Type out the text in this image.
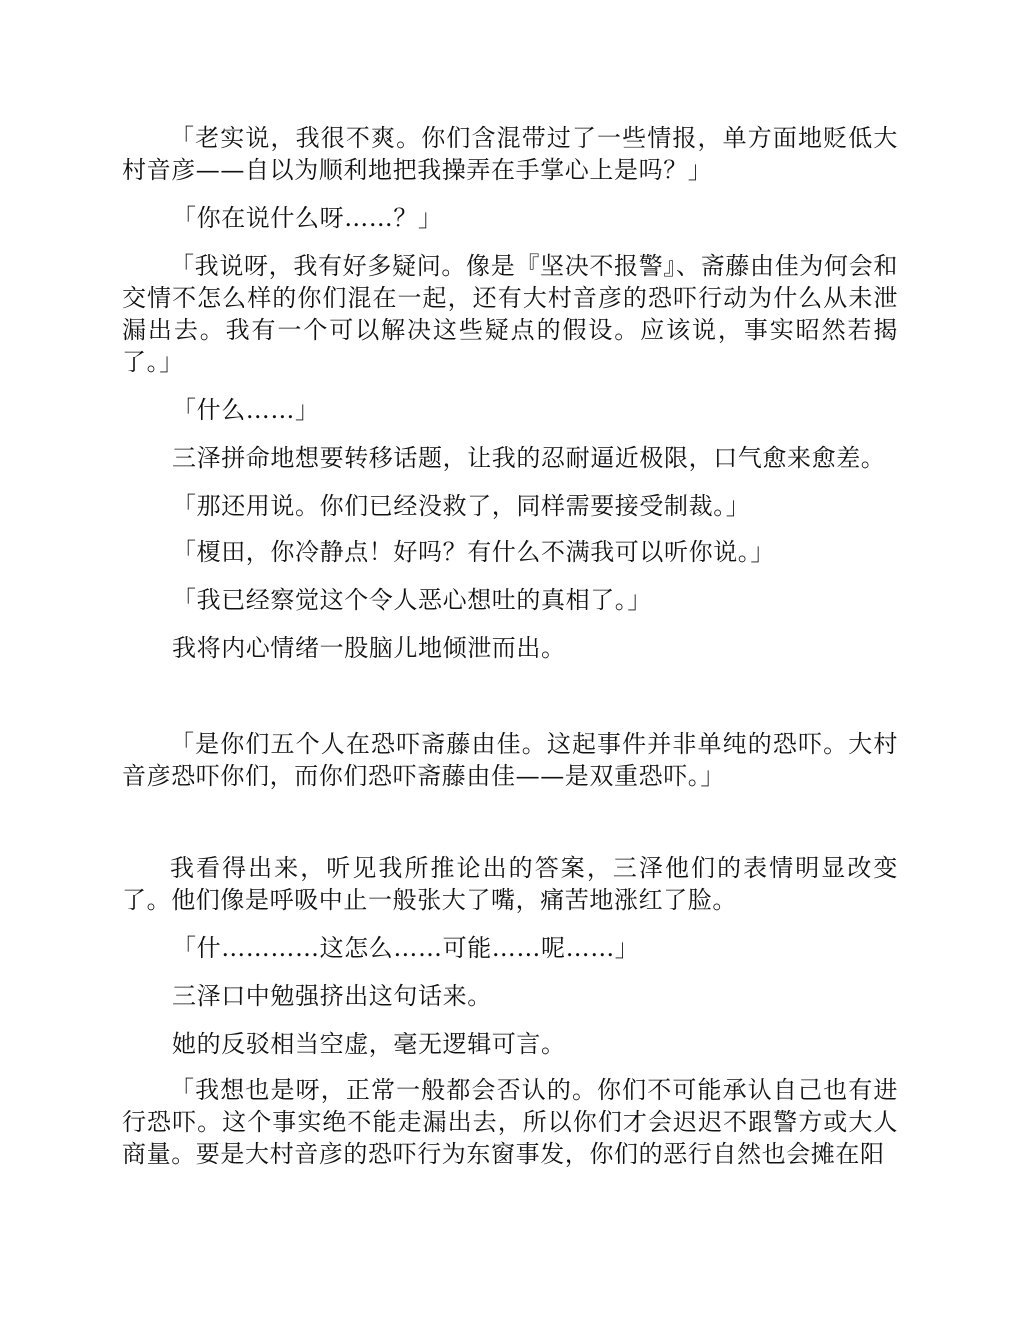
「老实说，我很不爽。你们含混带过了一些情报，单方面地贬低大村音彦——自以为顺利地把我操弄在手掌心上是吗？」

「你在说什么呀……？」

「我说呀，我有好多疑问。像是『坚决不报警』、斋藤由佳为何会和交情不怎么样的你们混在一起，还有大村音彦的恐吓行动为什么从未泄漏出去。我有一个可以解决这些疑点的假设。应该说，事实昭然若揭了。」

「什么……」

三泽拼命地想要转移话题，让我的忍耐逼近极限，口气愈来愈差。

「那还用说。你们已经没救了，同样需要接受制裁。」

「榎田，你冷静点！好吗？有什么不满我可以听你说。」

「我已经察觉这个令人恶心想吐的真相了。」

我将内心情绪一股脑儿地倾泄而出。

「是你们五个人在恐吓斋藤由佳。这起事件并非单纯的恐吓。大村音彦恐吓你们，而你们恐吓斋藤由佳——是双重恐吓。」

我看得出来，听见我所推论出的答案，三泽他们的表情明显改变了。他们像是呼吸中止一般张大了嘴，痛苦地涨红了脸。

「什…………这怎么……可能……呢……」

三泽口中勉强挤出这句话来。

她的反驳相当空虚，毫无逻辑可言。

「我想也是呀，正常一般都会否认的。你们不可能承认自己也有进行恐吓。这个事实绝不能走漏出去，所以你们才会迟迟不跟警方或大人商量。要是大村音彦的恐吓行为东窗事发，你们的恶行自然也会摊在阳
